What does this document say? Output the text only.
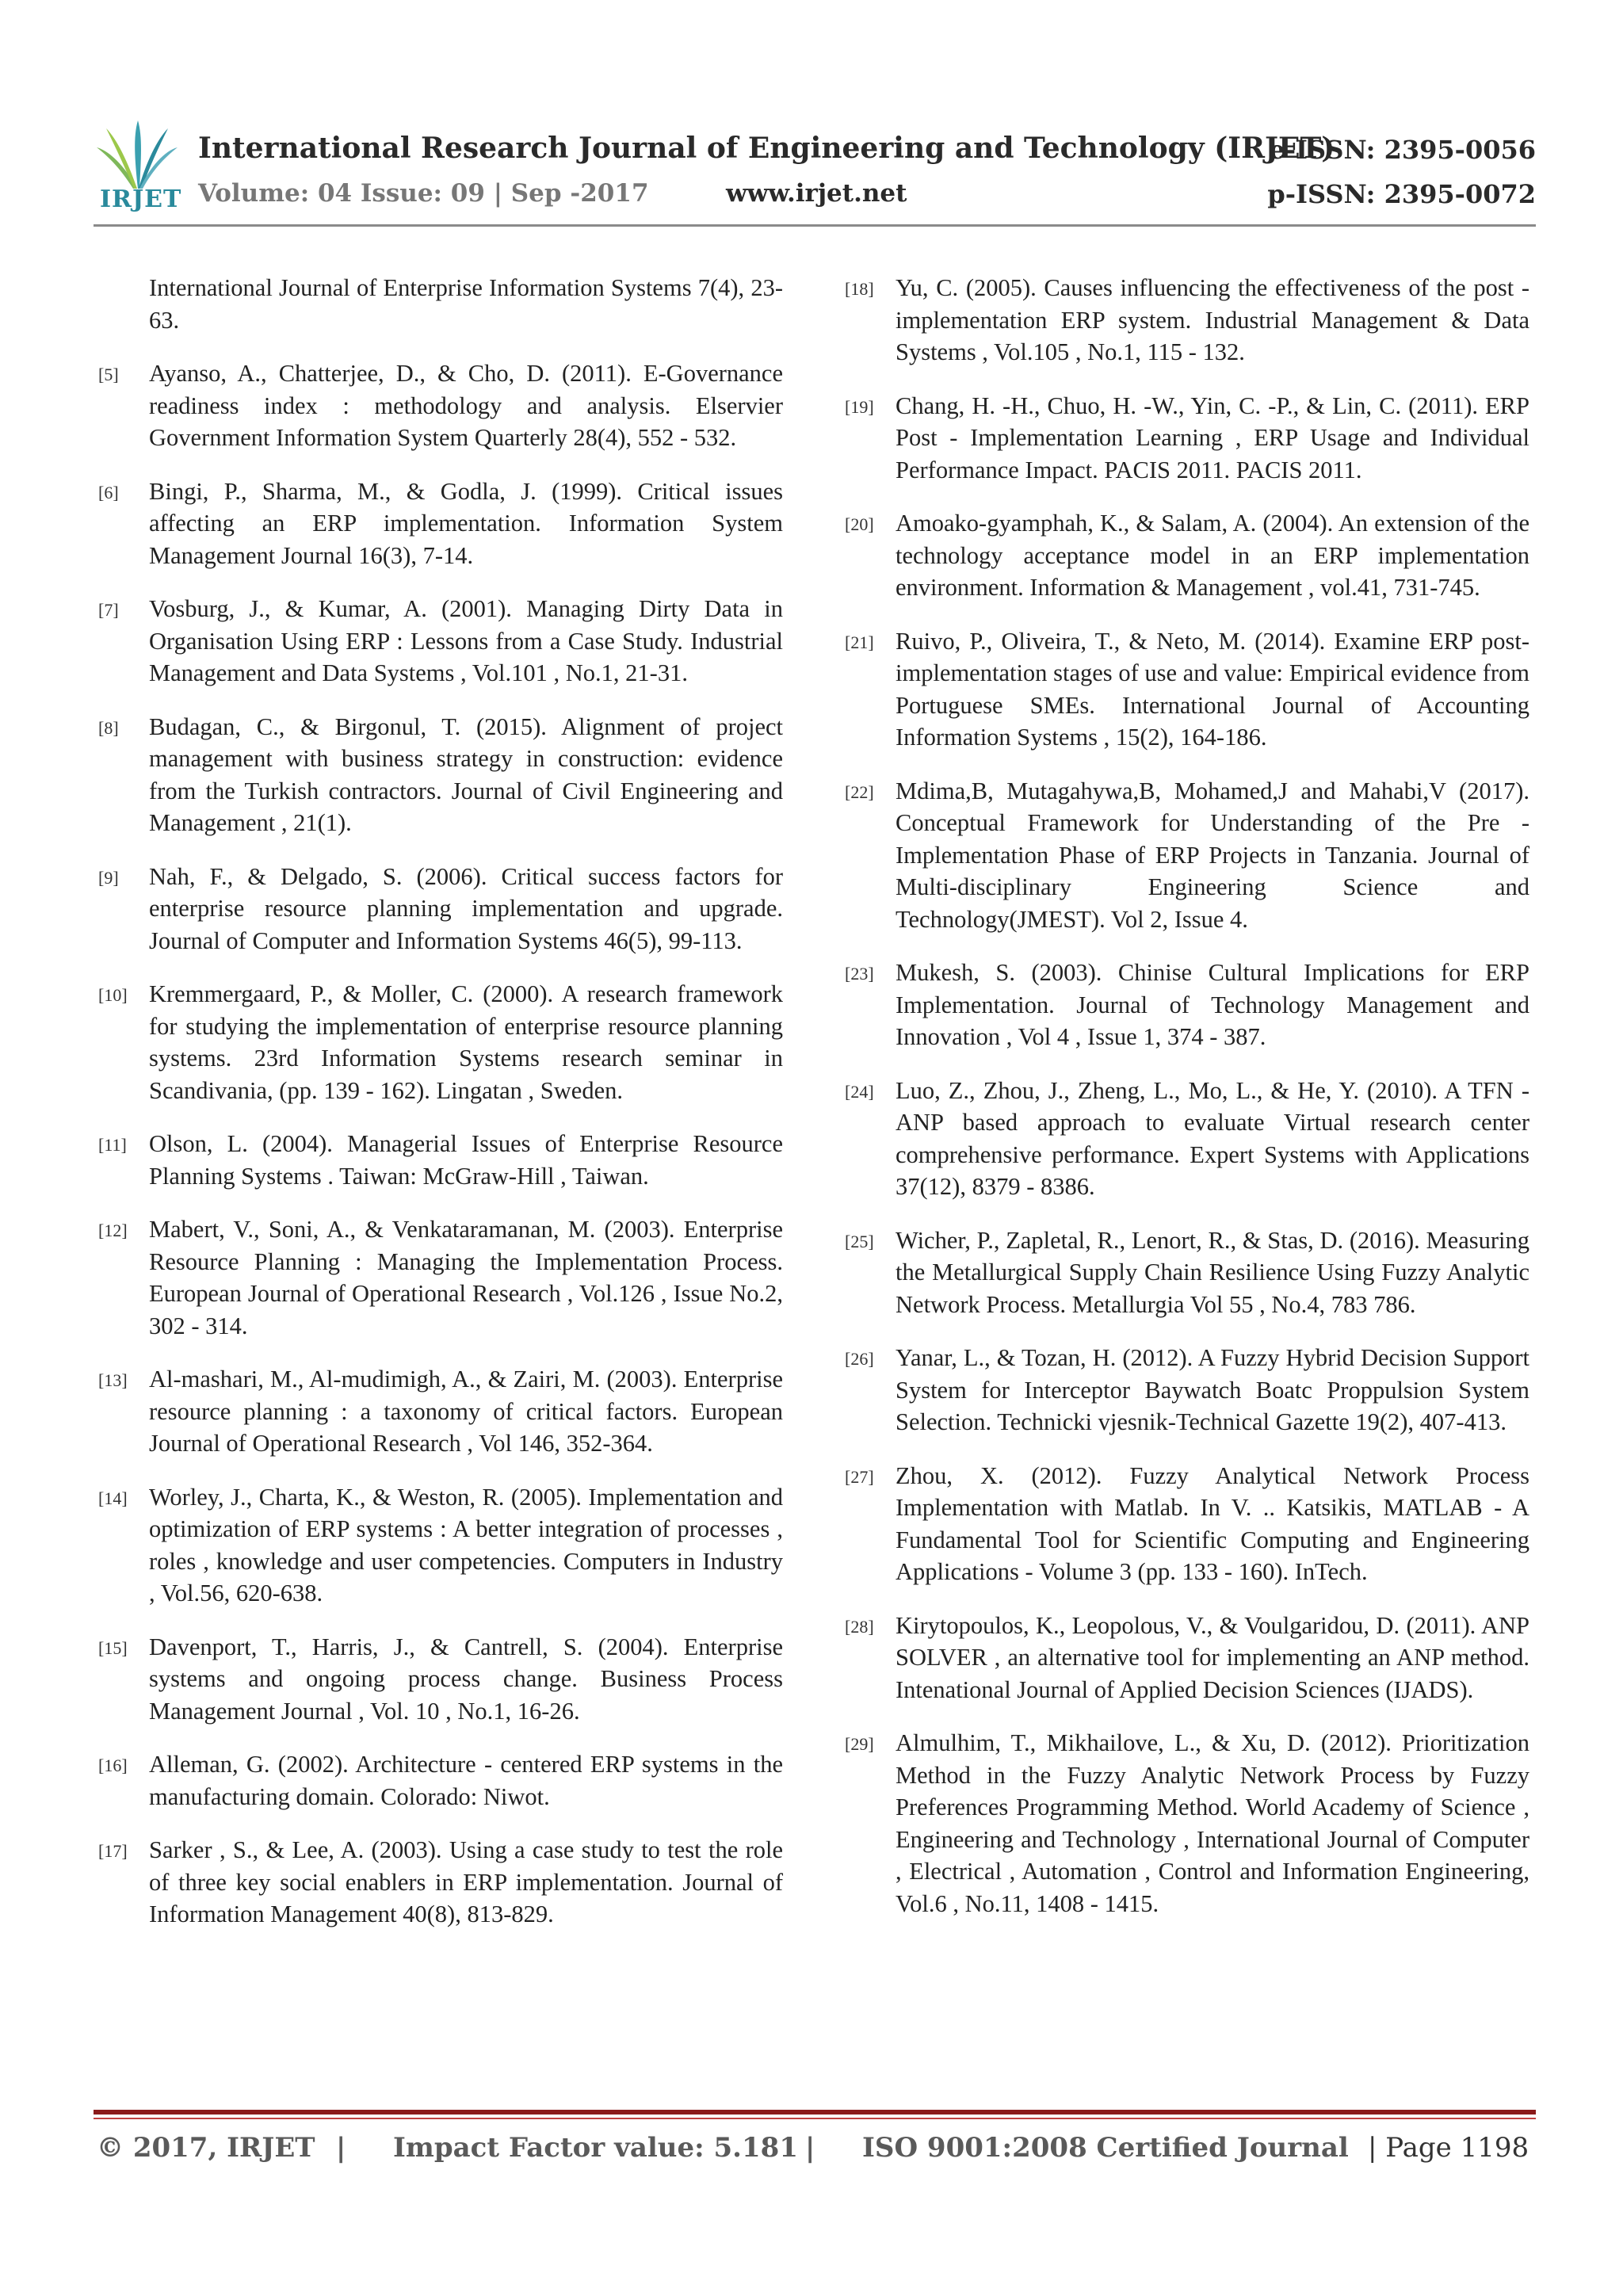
IRJET
International Research Journal of Engineering and Technology (IRJET)
e-ISSN: 2395-0056
Volume: 04 Issue: 09 | Sep -2017	www.irjet.net	p-ISSN: 2395-0072
International Journal of Enterprise Information Systems 7(4), 23-63.
[5] Ayanso, A., Chatterjee, D., & Cho, D. (2011). E-Governance readiness index : methodology and analysis. Elservier Government Information System Quarterly 28(4), 552 - 532.
[6] Bingi, P., Sharma, M., & Godla, J. (1999). Critical issues affecting an ERP implementation. Information System Management Journal 16(3), 7-14.
[7] Vosburg, J., & Kumar, A. (2001). Managing Dirty Data in Organisation Using ERP : Lessons from a Case Study. Industrial Management and Data Systems , Vol.101 , No.1, 21-31.
[8] Budagan, C., & Birgonul, T. (2015). Alignment of project management with business strategy in construction: evidence from the Turkish contractors. Journal of Civil Engineering and Management , 21(1).
[9] Nah, F., & Delgado, S. (2006). Critical success factors for enterprise resource planning implementation and upgrade. Journal of Computer and Information Systems 46(5), 99-113.
[10] Kremmergaard, P., & Moller, C. (2000). A research framework for studying the implementation of enterprise resource planning systems. 23rd Information Systems research seminar in Scandivania, (pp. 139 - 162). Lingatan , Sweden.
[11] Olson, L. (2004). Managerial Issues of Enterprise Resource Planning Systems . Taiwan: McGraw-Hill , Taiwan.
[12] Mabert, V., Soni, A., & Venkataramanan, M. (2003). Enterprise Resource Planning : Managing the Implementation Process. European Journal of Operational Research , Vol.126 , Issue No.2, 302 - 314.
[13] Al-mashari, M., Al-mudimigh, A., & Zairi, M. (2003). Enterprise resource planning : a taxonomy of critical factors. European Journal of Operational Research , Vol 146, 352-364.
[14] Worley, J., Charta, K., & Weston, R. (2005). Implementation and optimization of ERP systems : A better integration of processes , roles , knowledge and user competencies. Computers in Industry , Vol.56, 620-638.
[15] Davenport, T., Harris, J., & Cantrell, S. (2004). Enterprise systems and ongoing process change. Business Process Management Journal , Vol. 10 , No.1, 16-26.
[16] Alleman, G. (2002). Architecture - centered ERP systems in the manufacturing domain. Colorado: Niwot.
[17] Sarker , S., & Lee, A. (2003). Using a case study to test the role of three key social enablers in ERP implementation. Journal of Information Management 40(8), 813-829.
[18] Yu, C. (2005). Causes influencing the effectiveness of the post - implementation ERP system. Industrial Management & Data Systems , Vol.105 , No.1, 115 - 132.
[19] Chang, H. -H., Chuo, H. -W., Yin, C. -P., & Lin, C. (2011). ERP Post - Implementation Learning , ERP Usage and Individual Performance Impact. PACIS 2011. PACIS 2011.
[20] Amoako-gyamphah, K., & Salam, A. (2004). An extension of the technology acceptance model in an ERP implementation environment. Information & Management , vol.41, 731-745.
[21] Ruivo, P., Oliveira, T., & Neto, M. (2014). Examine ERP post-implementation stages of use and value: Empirical evidence from Portuguese SMEs. International Journal of Accounting Information Systems , 15(2), 164-186.
[22] Mdima,B, Mutagahywa,B, Mohamed,J and Mahabi,V (2017). Conceptual Framework for Understanding of the Pre - Implementation Phase of ERP Projects in Tanzania. Journal of Multi-disciplinary Engineering Science and Technology(JMEST). Vol 2, Issue 4.
[23] Mukesh, S. (2003). Chinise Cultural Implications for ERP Implementation. Journal of Technology Management and Innovation , Vol 4 , Issue 1, 374 - 387.
[24] Luo, Z., Zhou, J., Zheng, L., Mo, L., & He, Y. (2010). A TFN - ANP based approach to evaluate Virtual research center comprehensive performance. Expert Systems with Applications 37(12), 8379 - 8386.
[25] Wicher, P., Zapletal, R., Lenort, R., & Stas, D. (2016). Measuring the Metallurgical Supply Chain Resilience Using Fuzzy Analytic Network Process. Metallurgia Vol 55 , No.4, 783 786.
[26] Yanar, L., & Tozan, H. (2012). A Fuzzy Hybrid Decision Support System for Interceptor Baywatch Boatc Proppulsion System Selection. Technicki vjesnik-Technical Gazette 19(2), 407-413.
[27] Zhou, X. (2012). Fuzzy Analytical Network Process Implementation with Matlab. In V. .. Katsikis, MATLAB - A Fundamental Tool for Scientific Computing and Engineering Applications - Volume 3 (pp. 133 - 160). InTech.
[28] Kirytopoulos, K., Leopolous, V., & Voulgaridou, D. (2011). ANP SOLVER , an alternative tool for implementing an ANP method. Intenational Journal of Applied Decision Sciences (IJADS).
[29] Almulhim, T., Mikhailove, L., & Xu, D. (2012). Prioritization Method in the Fuzzy Analytic Network Process by Fuzzy Preferences Programming Method. World Academy of Science , Engineering and Technology , International Journal of Computer , Electrical , Automation , Control and Information Engineering, Vol.6 , No.11, 1408 - 1415.
© 2017, IRJET | Impact Factor value: 5.181 | ISO 9001:2008 Certified Journal | Page 1198
